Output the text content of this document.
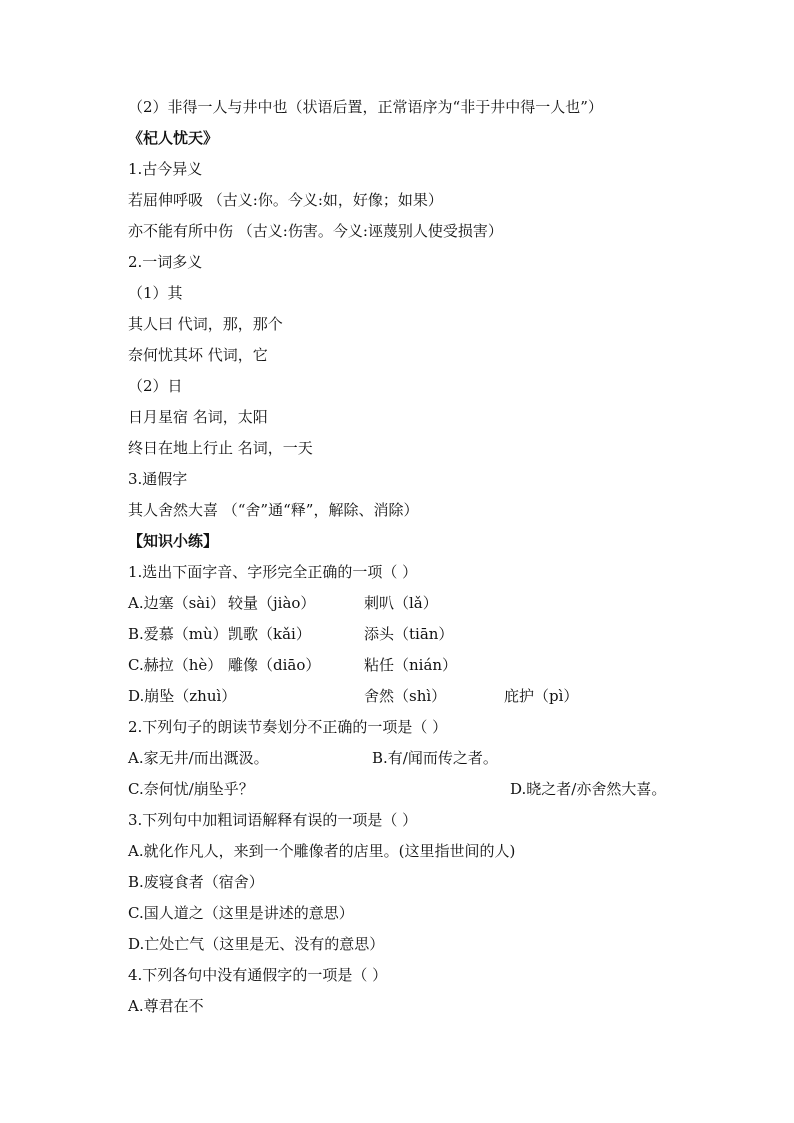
（2）非得一人与井中也（状语后置，正常语序为“非于井中得一人也”）
《杞人忧天》
1.古今异义
若屈伸呼吸 （古义:你。今义:如，好像；如果）
亦不能有所中伤 （古义:伤害。今义:诬蔑别人使受损害）
2.一词多义
（1）其
其人曰 代词，那，那个
奈何忧其坏 代词，它
（2）日
日月星宿 名词，太阳
终日在地上行止 名词，一天
3.通假字
其人舍然大喜 （“舍”通“释”，解除、消除）
【知识小练】
1.选出下面字音、字形完全正确的一项（ ）
A.边塞（sài） 较量（jiào）	刺叭（lǎ）
B.爱慕（mù）凯歌（kǎi）	添头（tiān）
C.赫拉（hè） 雕像（diāo）	粘任（nián）
D.崩坠（zhuì）	舍然（shì）	庇护（pì）
2.下列句子的朗读节奏划分不正确的一项是（ ）
A.家无井/而出溉汲。	B.有/闻而传之者。
C.奈何忧/崩坠乎？	D.晓之者/亦舍然大喜。
3.下列句中加粗词语解释有误的一项是（ ）
A.就化作凡人，来到一个雕像者的店里。(这里指世间的人)
B.废寝食者（宿舍）
C.国人道之（这里是讲述的意思）
D.亡处亡气（这里是无、没有的意思）
4.下列各句中没有通假字的一项是（ ）
A.尊君在不
